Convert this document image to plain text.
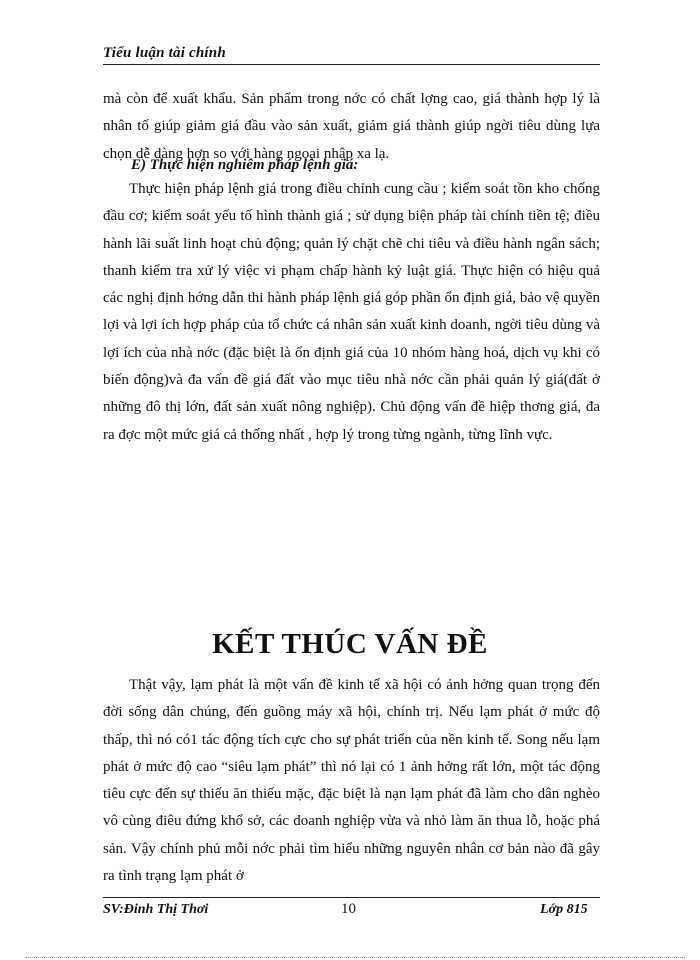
Tiểu luận tài chính

mà còn để xuất khẩu. Sản phẩm trong nớc có chất lợng cao, giá thành hợp lý là nhân tố giúp giảm giá đầu vào sản xuất, giảm giá thành giúp ngời tiêu dùng lựa chọn dễ dàng hơn so với hàng ngoại nhập xa lạ.

E) Thực hiện nghiêm pháp lệnh giá:

Thực hiện pháp lệnh giá trong điều chỉnh cung cầu ; kiểm soát tồn kho chống đầu cơ; kiểm soát yếu tố hình thành giá ; sử dụng biện pháp tài chính tiền tệ; điều hành lãi suất linh hoạt chủ động; quản lý chặt chẽ chi tiêu và điều hành ngân sách; thanh kiểm tra xử lý việc vi phạm chấp hành kỷ luật giá. Thực hiện có hiệu quả các nghị định hớng dẫn thi hành pháp lệnh giá góp phần ổn định giá, bảo vệ quyền lợi và lợi ích hợp pháp của tổ chức cá nhân sản xuất kinh doanh, ngời tiêu dùng và lợi ích của nhà nớc (đặc biệt là ổn định giá của 10 nhóm hàng hoá, dịch vụ khi có biến động)và đa vấn đề giá đất vào mục tiêu nhà nớc cần phải quản lý giá(đất ở những đô thị lớn, đất sản xuất nông nghiệp). Chủ động vấn đề hiệp thơng giá, đa ra đợc một mức giá cả thống nhất , hợp lý trong từng ngành, từng lĩnh vực.

KẾT THÚC VẤN ĐỀ

Thật vậy, lạm phát là một vấn đề kinh tế xã hội có ảnh hởng quan trọng đến đời sống dân chúng, đến guồng máy xã hội, chính trị. Nếu lạm phát ở mức độ thấp, thì nó có1 tác động tích cực cho sự phát triển của nền kinh tế. Song nếu lạm phát ở mức độ cao “siêu lạm phát” thì nó lại có 1 ảnh hởng rất lớn, một tác động tiêu cực đến sự thiếu ăn thiếu mặc, đặc biệt là nạn lạm phát đã làm cho dân nghèo vô cùng điêu đứng khổ sở, các doanh nghiệp vừa và nhỏ làm ăn thua lỗ, hoặc phá sản. Vậy chính phủ mỗi nớc phải tìm hiểu những nguyên nhân cơ bản nào đã gây ra tình trạng lạm phát ở

SV:Đinh Thị Thơi	10	Lớp 815
